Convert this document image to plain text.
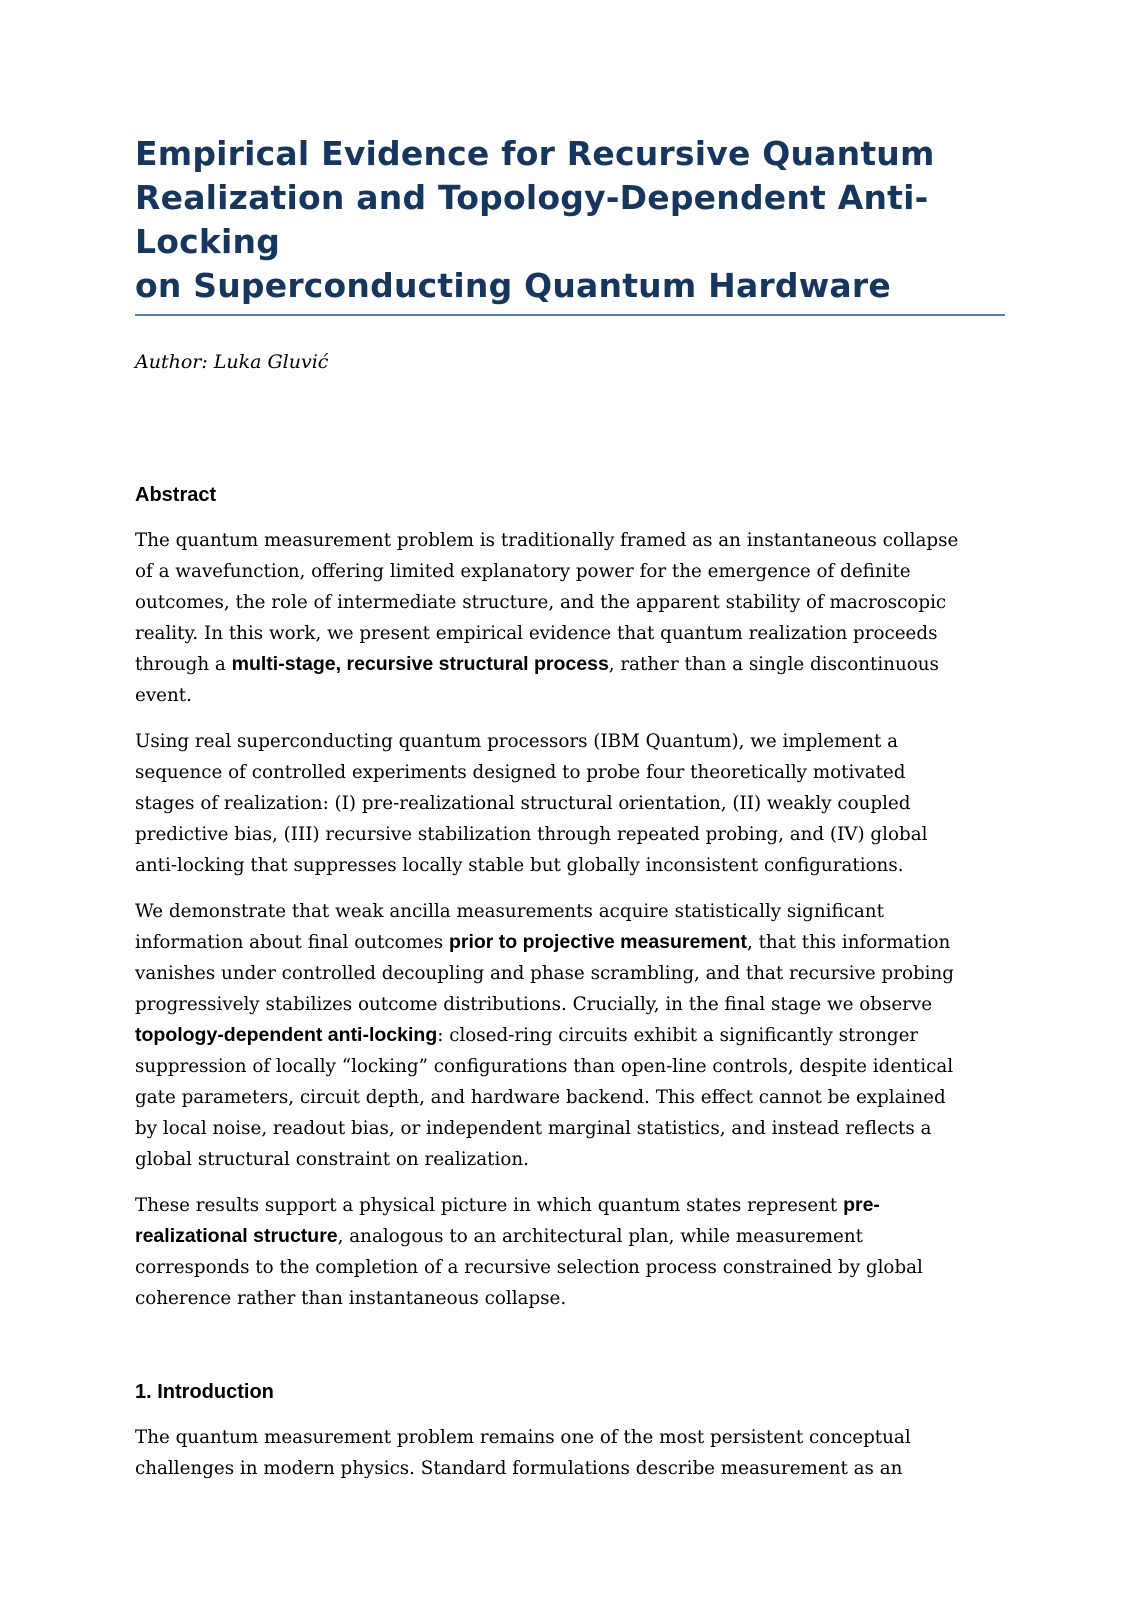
Empirical Evidence for Recursive Quantum
Realization and Topology-Dependent Anti-Locking
on Superconducting Quantum Hardware
Author: Luka Gluvić
Abstract

The quantum measurement problem is traditionally framed as an instantaneous collapse
of a wavefunction, offering limited explanatory power for the emergence of definite
outcomes, the role of intermediate structure, and the apparent stability of macroscopic
reality. In this work, we present empirical evidence that quantum realization proceeds
through a multi-stage, recursive structural process, rather than a single discontinuous
event.

Using real superconducting quantum processors (IBM Quantum), we implement a
sequence of controlled experiments designed to probe four theoretically motivated
stages of realization: (I) pre-realizational structural orientation, (II) weakly coupled
predictive bias, (III) recursive stabilization through repeated probing, and (IV) global
anti-locking that suppresses locally stable but globally inconsistent configurations.

We demonstrate that weak ancilla measurements acquire statistically significant
information about final outcomes prior to projective measurement, that this information
vanishes under controlled decoupling and phase scrambling, and that recursive probing
progressively stabilizes outcome distributions. Crucially, in the final stage we observe
topology-dependent anti-locking: closed-ring circuits exhibit a significantly stronger
suppression of locally “locking” configurations than open-line controls, despite identical
gate parameters, circuit depth, and hardware backend. This effect cannot be explained
by local noise, readout bias, or independent marginal statistics, and instead reflects a
global structural constraint on realization.

These results support a physical picture in which quantum states represent pre-
realizational structure, analogous to an architectural plan, while measurement
corresponds to the completion of a recursive selection process constrained by global
coherence rather than instantaneous collapse.

1. Introduction

The quantum measurement problem remains one of the most persistent conceptual
challenges in modern physics. Standard formulations describe measurement as an
